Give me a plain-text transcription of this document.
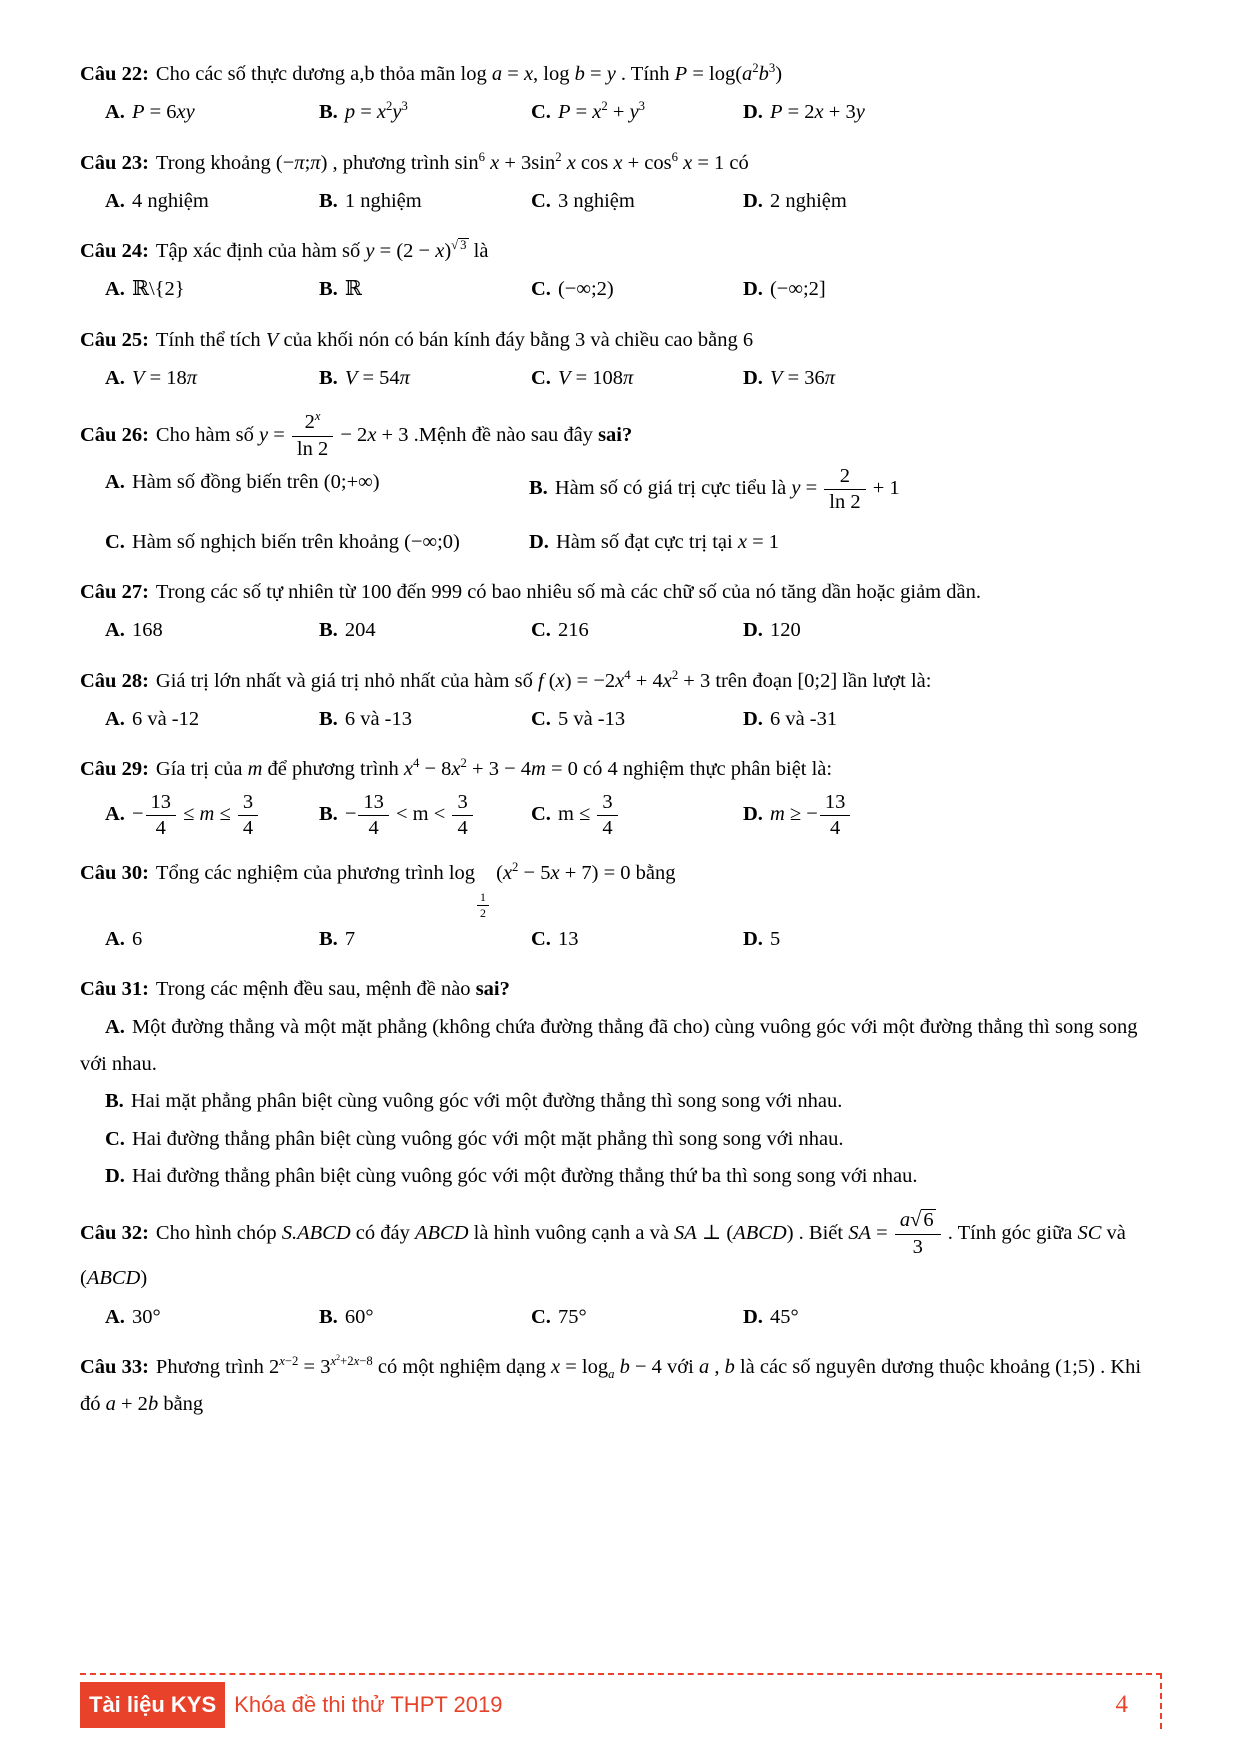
Câu 22: Cho các số thực dương a,b thỏa mãn log a = x, log b = y . Tính $P = \log(a^2b^3)$

A. P = 6xy	B. $p = x^2y^3$	C. $P = x^2 + y^3$	D. P = 2x + 3y

Câu 23: Trong khoảng (−π;π) , phương trình $\sin^6 x + 3\sin^2$ x $\cos x + \cos^6 x = 1$ có

A. 4 nghiệm	B. 1 nghiệm	C. 3 nghiệm	D. 2 nghiệm

Câu 24: Tập xác định của hàm số $y = (2 - x)^{√ 3}$ là

A. ℝ\{2}	B. ℝ	C. (−∞;2)	D. (−∞;2]

Câu 25: Tính thể tích V của khối nón có bán kính đáy bằng 3 và chiều cao bằng 6

A. V = 18π	B. V = 54π	C. V = 108π	D. V = 36π

Câu 26: Cho hàm số $y = \frac{2^x}{\ln 2} - 2x + 3$ .Mệnh đề nào sau đây sai?

A. Hàm số đồng biến trên (0;+∞)	B. Hàm số có giá trị cực tiểu là $y = \frac{2}{\ln 2} + 1$
C. Hàm số nghịch biến trên khoảng (−∞;0)	D. Hàm số đạt cực trị tại x = 1

Câu 27: Trong các số tự nhiên từ 100 đến 999 có bao nhiêu số mà các chữ số của nó tăng dần hoặc giảm dần.

A. 168	B. 204	C. 216	D. 120

Câu 28: Giá trị lớn nhất và giá trị nhỏ nhất của hàm số f $(x) = -2x^4 + 4x^2 + 3$ trên đoạn [0;2] lần lượt là:

A. 6 và -12	B. 6 và -13	C. 5 và -13	D. 6 và -31

Câu 29: Gía trị của m để phương trình $x^4 - 8x^2 + 3 - 4m = 0$ có 4 nghiệm thực phân biệt là:

A. − $\frac{13}{4} \le m \le \frac{3}{4}$	B. − $\frac{13}{4} < m < \frac{3}{4}$	C. $m \le \frac{3}{4}$	D. m ≥ − $\frac{13}{4}$

Câu 30: Tổng các nghiệm của phương trình log
$\frac{1}{2}$
$(x^2 - 5x + 7) = 0$ bằng

A. 6	B. 7	C. 13	D. 5

Câu 31: Trong các mệnh đều sau, mệnh đề nào sai?

A. Một đường thẳng và một mặt phẳng (không chứa đường thẳng đã cho) cùng vuông góc với một đường thẳng thì song song với nhau.

B. Hai mặt phẳng phân biệt cùng vuông góc với một đường thẳng thì song song với nhau.

C. Hai đường thẳng phân biệt cùng vuông góc với một mặt phẳng thì song song với nhau.

D. Hai đường thẳng phân biệt cùng vuông góc với một đường thẳng thứ ba thì song song với nhau.

Câu 32: Cho hình chóp S.ABCD có đáy ABCD là hình vuông cạnh a và SA ⊥ (ABCD) . Biết SA = $\frac{a√6}{3}$ . Tính góc giữa SC và (ABCD)

A. 30°	B. 60°	C. 75°	D. 45°

Câu 33: Phương trình $2^{x-2} = 3^{x^2+2x-8}$ có một nghiệm dạng $x = \log_a b - 4$ với a , b là các số nguyên dương thuộc khoảng (1;5) . Khi đó a + 2b bằng

Tài liệu KYS Khóa đề thi thử THPT 2019	4
